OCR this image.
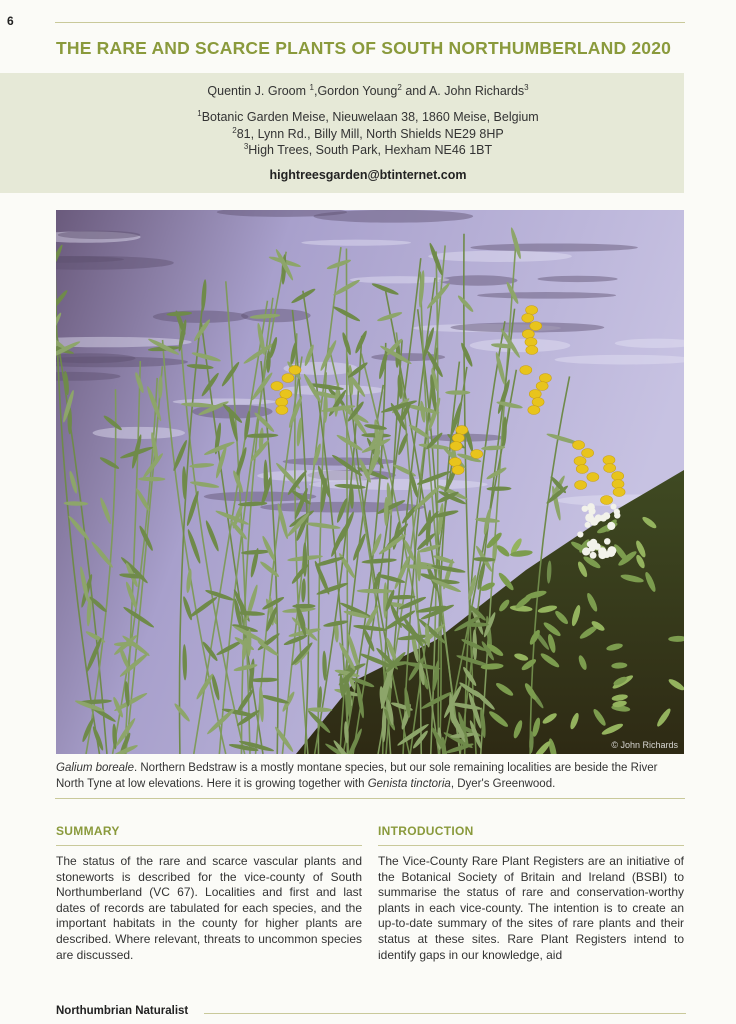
6
THE RARE AND SCARCE PLANTS OF SOUTH NORTHUMBERLAND 2020
Quentin J. Groom $^1$,Gordon Young$^2$ and A. John Richards$^3$
$^1$Botanic Garden Meise, Nieuwelaan 38, 1860 Meise, Belgium
$^2$81, Lynn Rd., Billy Mill, North Shields NE29 8HP
$^3$High Trees, South Park, Hexham NE46 1BT
hightreesgarden@btinternet.com
© John Richards
Galium boreale. Northern Bedstraw is a mostly montane species, but our sole remaining localities are beside the River North Tyne at low elevations. Here it is growing together with Genista tinctoria, Dyer's Greenwood.
SUMMARY

The status of the rare and scarce vascular plants and stoneworts is described for the vice-county of South Northumberland (VC 67). Localities and first and last dates of records are tabulated for each species, and the important habitats in the county for higher plants are described. Where relevant, threats to uncommon species are discussed.

INTRODUCTION

The Vice-County Rare Plant Registers are an initiative of the Botanical Society of Britain and Ireland (BSBI) to summarise the status of rare and conservation-worthy plants in each vice-county. The intention is to create an up-to-date summary of the sites of rare plants and their status at these sites. Rare Plant Registers intend to identify gaps in our knowledge, aid

Northumbrian Naturalist
